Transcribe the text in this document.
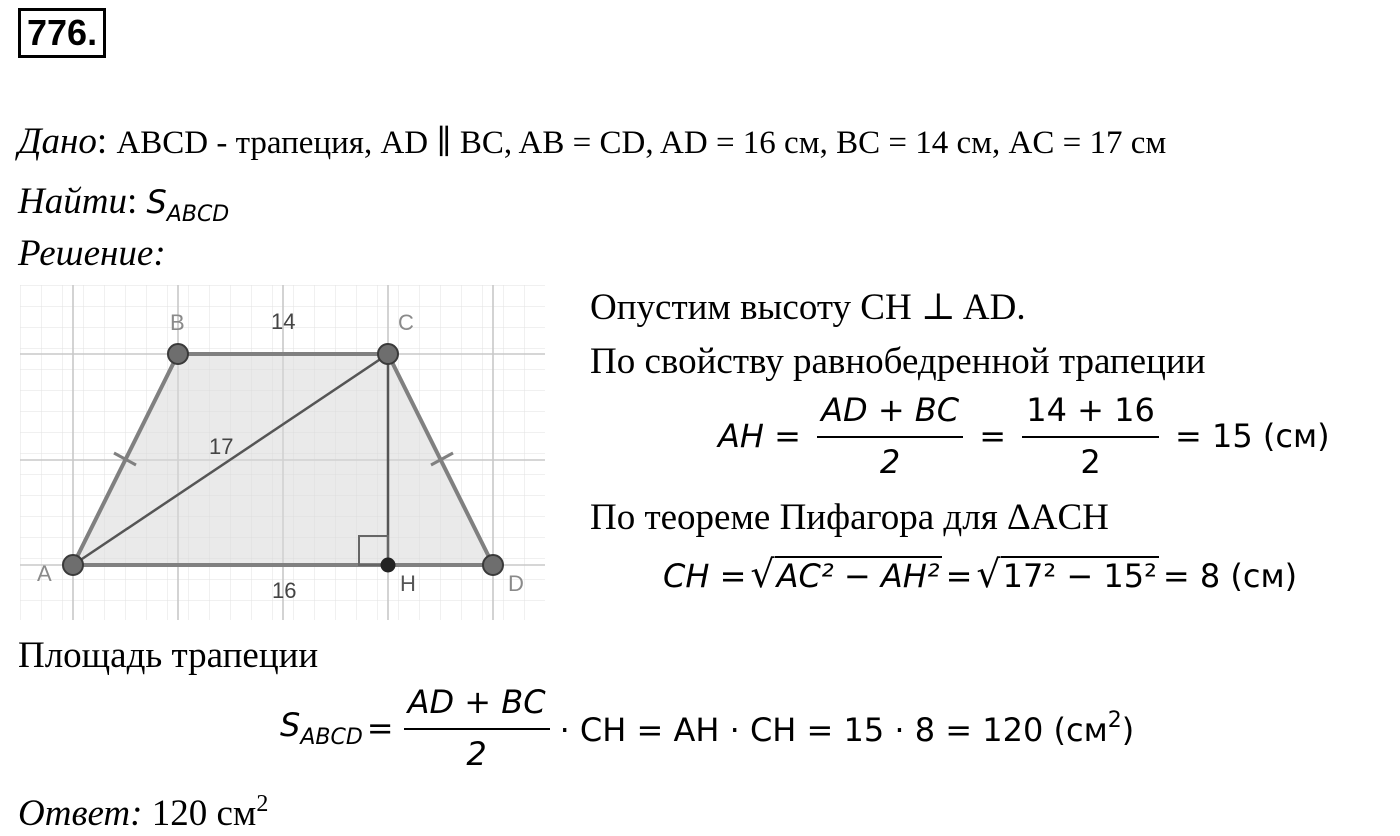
776.
Дано: ABCD - трапеция, AD ∥ BC, AB = CD, AD = 16 см, BC = 14 см, AC = 17 см
Найти: $S_{ABCD}$
Решение:
A
B	C
D
H
14
17
16
Опустим высоту CH ⊥ AD.
По свойству равнобедренной трапеции
AH = $\frac{AD + BC}{2} = \frac{14 + 16}{2} = 15$ (см)
По теореме Пифагора для ΔACH
CH = √AC² − AH² = √17² − 15² = 8 (см)
Площадь трапеции
$S_{ABCD} = \frac{AD + BC}{2}$ · CH = AH · CH = 15 · 8 = 120 $(см^2)$
Ответ: 120 $см^2$
